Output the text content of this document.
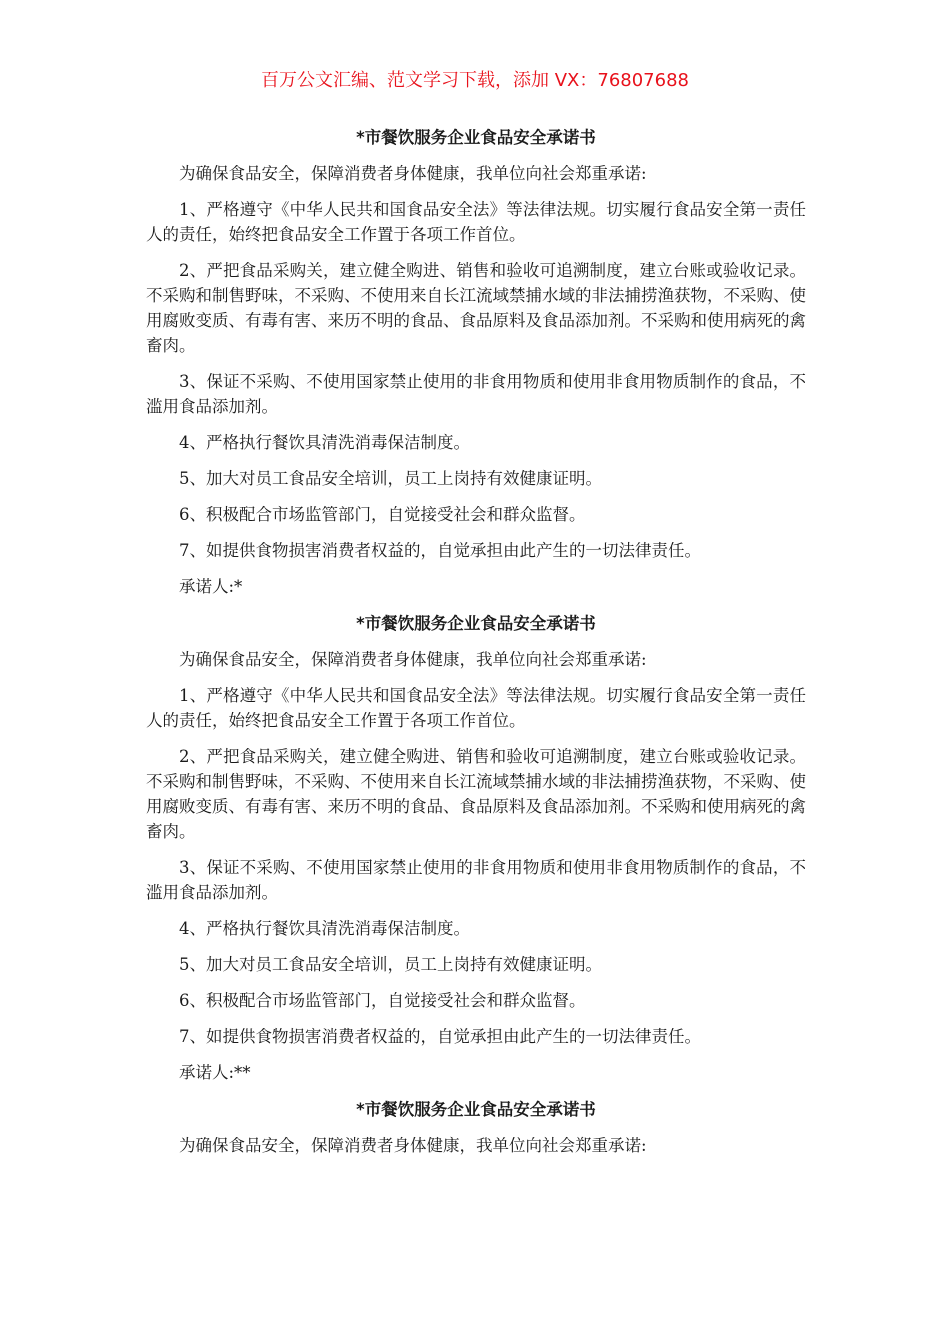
百万公文汇编、范文学习下载，添加 VX：76807688
*市餐饮服务企业食品安全承诺书

为确保食品安全，保障消费者身体健康，我单位向社会郑重承诺:

1、严格遵守《中华人民共和国食品安全法》等法律法规。切实履行食品安全第一责任人的责任，始终把食品安全工作置于各项工作首位。

2、严把食品采购关，建立健全购进、销售和验收可追溯制度，建立台账或验收记录。不采购和制售野味，不采购、不使用来自长江流域禁捕水域的非法捕捞渔获物，不采购、使用腐败变质、有毒有害、来历不明的食品、食品原料及食品添加剂。不采购和使用病死的禽畜肉。

3、保证不采购、不使用国家禁止使用的非食用物质和使用非食用物质制作的食品，不滥用食品添加剂。

4、严格执行餐饮具清洗消毒保洁制度。

5、加大对员工食品安全培训，员工上岗持有效健康证明。

6、积极配合市场监管部门，自觉接受社会和群众监督。

7、如提供食物损害消费者权益的，自觉承担由此产生的一切法律责任。

承诺人:*

*市餐饮服务企业食品安全承诺书

为确保食品安全，保障消费者身体健康，我单位向社会郑重承诺:

1、严格遵守《中华人民共和国食品安全法》等法律法规。切实履行食品安全第一责任人的责任，始终把食品安全工作置于各项工作首位。

2、严把食品采购关，建立健全购进、销售和验收可追溯制度，建立台账或验收记录。不采购和制售野味，不采购、不使用来自长江流域禁捕水域的非法捕捞渔获物，不采购、使用腐败变质、有毒有害、来历不明的食品、食品原料及食品添加剂。不采购和使用病死的禽畜肉。

3、保证不采购、不使用国家禁止使用的非食用物质和使用非食用物质制作的食品，不滥用食品添加剂。

4、严格执行餐饮具清洗消毒保洁制度。

5、加大对员工食品安全培训，员工上岗持有效健康证明。

6、积极配合市场监管部门，自觉接受社会和群众监督。

7、如提供食物损害消费者权益的，自觉承担由此产生的一切法律责任。

承诺人:**

*市餐饮服务企业食品安全承诺书

为确保食品安全，保障消费者身体健康，我单位向社会郑重承诺:
